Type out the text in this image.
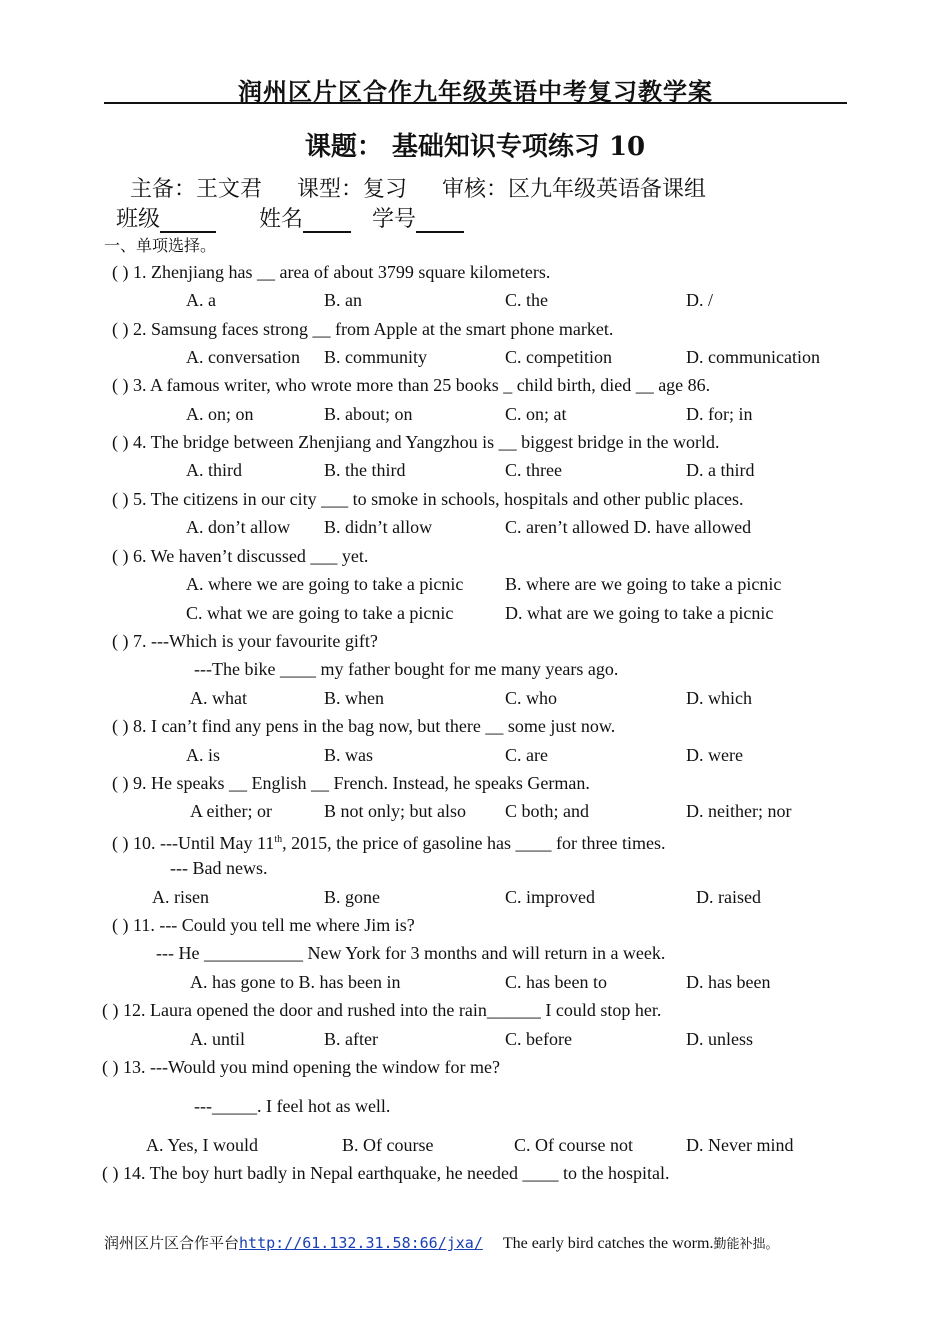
润州区片区合作九年级英语中考复习教学案
课题： 基础知识专项练习 10
主备：王文君 课型：复习 审核：区九年级英语备课组
班级	姓名	学号
一、单项选择。
( ) 1. Zhenjiang has __ area of about 3799 square kilometers.
A. a	B. an	C. the	D. /
( ) 2. Samsung faces strong __ from Apple at the smart phone market.
A. conversation B. community	C. competition	D. communication
( ) 3. A famous writer, who wrote more than 25 books _ child birth, died __ age 86.
A. on; on	B. about; on	C. on; at	D. for; in
( ) 4. The bridge between Zhenjiang and Yangzhou is __ biggest bridge in the world.
A. third	B. the third	C. three	D. a third
( ) 5. The citizens in our city ___ to smoke in schools, hospitals and other public places.
A. don’t allow B. didn’t allow	C. aren’t allowed D. have allowed
( ) 6. We haven’t discussed ___ yet.
A. where we are going to take a picnic B. where are we going to take a picnic
C. what we are going to take a picnic	D. what are we going to take a picnic
( ) 7. ---Which is your favourite gift?
---The bike ____ my father bought for me many years ago.
A. what	B. when	C. who	D. which
( ) 8. I can’t find any pens in the bag now, but there __ some just now.
A. is	B. was	C. are	D. were
( ) 9. He speaks __ English __ French. Instead, he speaks German.
A either; or	B not only; but also C both; and	D. neither; nor
( ) 10. ---Until May 11th, 2015, the price of gasoline has ____ for three times.
--- Bad news.
A. risen	B. gone	C. improved	D. raised
( ) 11. --- Could you tell me where Jim is?
--- He ___________ New York for 3 months and will return in a week.
A. has gone to B. has been in	C. has been to	D. has been
( ) 12. Laura opened the door and rushed into the rain______ I could stop her.
A. until	B. after	C. before	D. unless
( ) 13. ---Would you mind opening the window for me?
---_____. I feel hot as well.
A. Yes, I would	B. Of course	C. Of course not	D. Never mind
( ) 14. The boy hurt badly in Nepal earthquake, he needed ____ to the hospital.
润州区片区合作平台http://61.132.31.58:66/jxa/ The early bird catches the worm.勤能补拙。
